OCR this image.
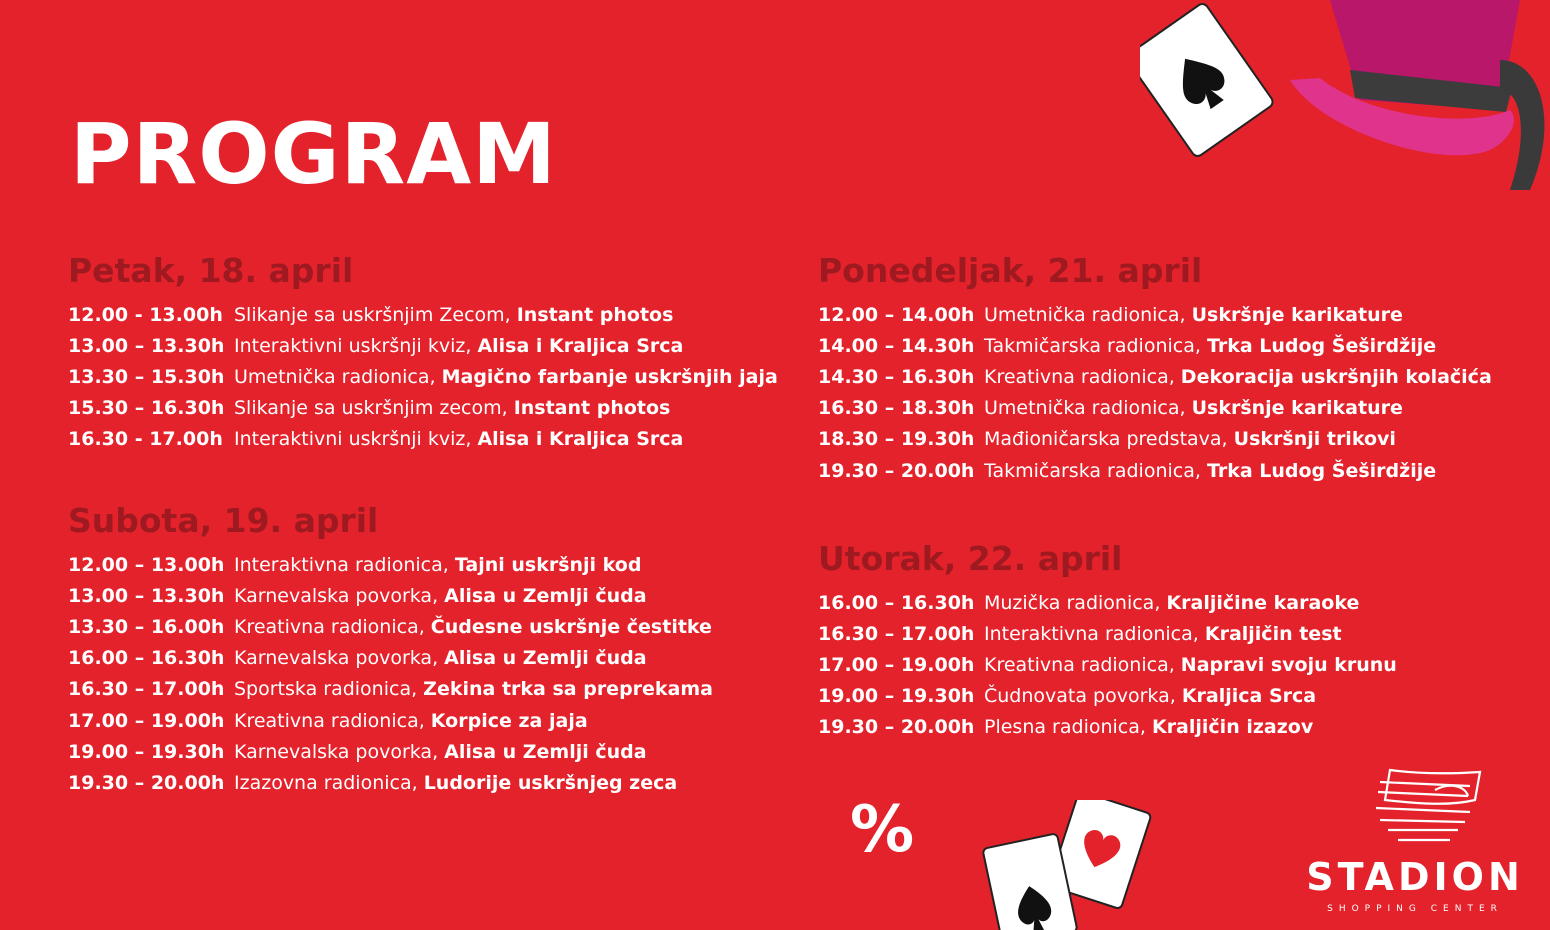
PROGRAM
Petak, 18. april
12.00 - 13.00h Slikanje sa uskršnjim Zecom, Instant photos
13.00 – 13.30h Interaktivni uskršnji kviz, Alisa i Kraljica Srca
13.30 – 15.30h Umetnička radionica, Magično farbanje uskršnjih jaja
15.30 – 16.30h Slikanje sa uskršnjim zecom, Instant photos
16.30 - 17.00h Interaktivni uskršnji kviz, Alisa i Kraljica Srca
Subota, 19. april
12.00 – 13.00h Interaktivna radionica, Tajni uskršnji kod
13.00 – 13.30h Karnevalska povorka, Alisa u Zemlji čuda
13.30 – 16.00h Kreativna radionica, Čudesne uskršnje čestitke
16.00 – 16.30h Karnevalska povorka, Alisa u Zemlji čuda
16.30 – 17.00h Sportska radionica, Zekina trka sa preprekama
17.00 – 19.00h Kreativna radionica, Korpice za jaja
19.00 – 19.30h Karnevalska povorka, Alisa u Zemlji čuda
19.30 – 20.00h Izazovna radionica, Ludorije uskršnjeg zeca
Ponedeljak, 21. april
12.00 – 14.00h Umetnička radionica, Uskršnje karikature
14.00 – 14.30h Takmičarska radionica, Trka Ludog Šeširdžije
14.30 – 16.30h Kreativna radionica, Dekoracija uskršnjih kolačića
16.30 – 18.30h Umetnička radionica, Uskršnje karikature
18.30 – 19.30h Mađioničarska predstava, Uskršnji trikovi
19.30 – 20.00h Takmičarska radionica, Trka Ludog Šeširdžije
Utorak, 22. april
16.00 – 16.30h Muzička radionica, Kraljičine karaoke
16.30 – 17.00h Interaktivna radionica, Kraljičin test
17.00 – 19.00h Kreativna radionica, Napravi svoju krunu
19.00 – 19.30h Čudnovata povorka, Kraljica Srca
19.30 – 20.00h Plesna radionica, Kraljičin izazov
%
STADION
SHOPPING CENTER
